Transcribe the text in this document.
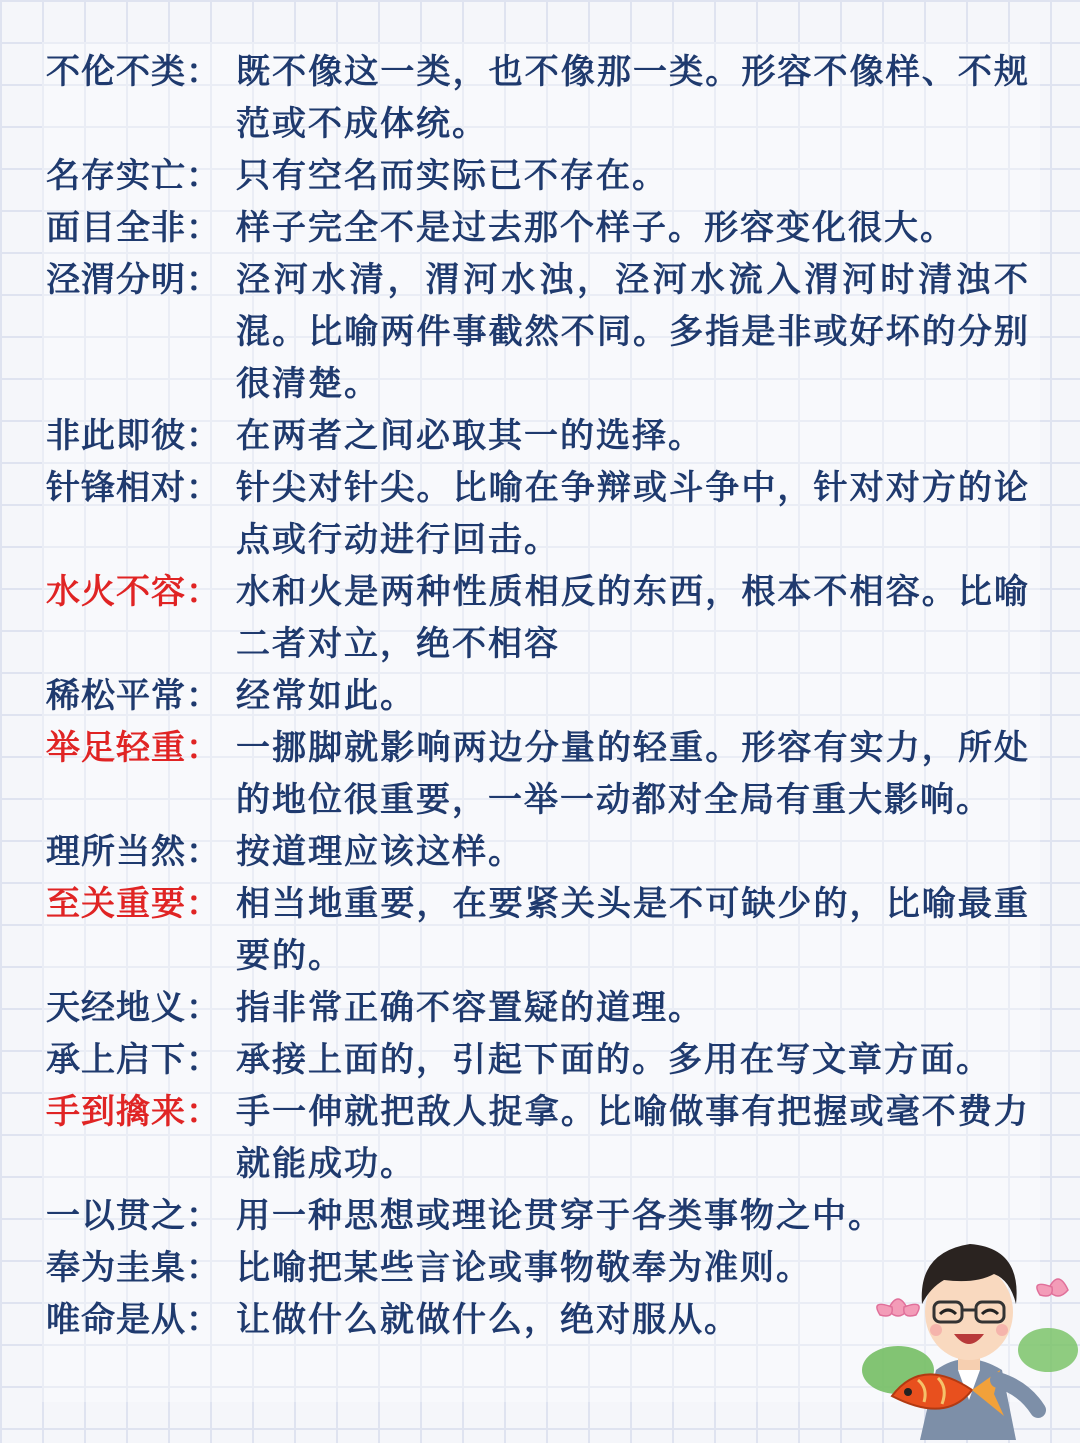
不伦不类： 既不像这一类，也不像那一类。形容不像样、不规范或不成体统。
名存实亡： 只有空名而实际已不存在。
面目全非： 样子完全不是过去那个样子。形容变化很大。
泾渭分明： 泾河水清，渭河水浊，泾河水流入渭河时清浊不混。比喻两件事截然不同。多指是非或好坏的分别很清楚。
非此即彼： 在两者之间必取其一的选择。
针锋相对： 针尖对针尖。比喻在争辩或斗争中，针对对方的论点或行动进行回击。
水火不容： 水和火是两种性质相反的东西，根本不相容。比喻二者对立，绝不相容
稀松平常： 经常如此。
举足轻重： 一挪脚就影响两边分量的轻重。形容有实力，所处的地位很重要，一举一动都对全局有重大影响。
理所当然： 按道理应该这样。
至关重要： 相当地重要，在要紧关头是不可缺少的，比喻最重要的。
天经地义： 指非常正确不容置疑的道理。
承上启下： 承接上面的，引起下面的。多用在写文章方面。
手到擒来： 手一伸就把敌人捉拿。比喻做事有把握或毫不费力就能成功。
一以贯之： 用一种思想或理论贯穿于各类事物之中。
奉为圭臬： 比喻把某些言论或事物敬奉为准则。
唯命是从： 让做什么就做什么，绝对服从。
